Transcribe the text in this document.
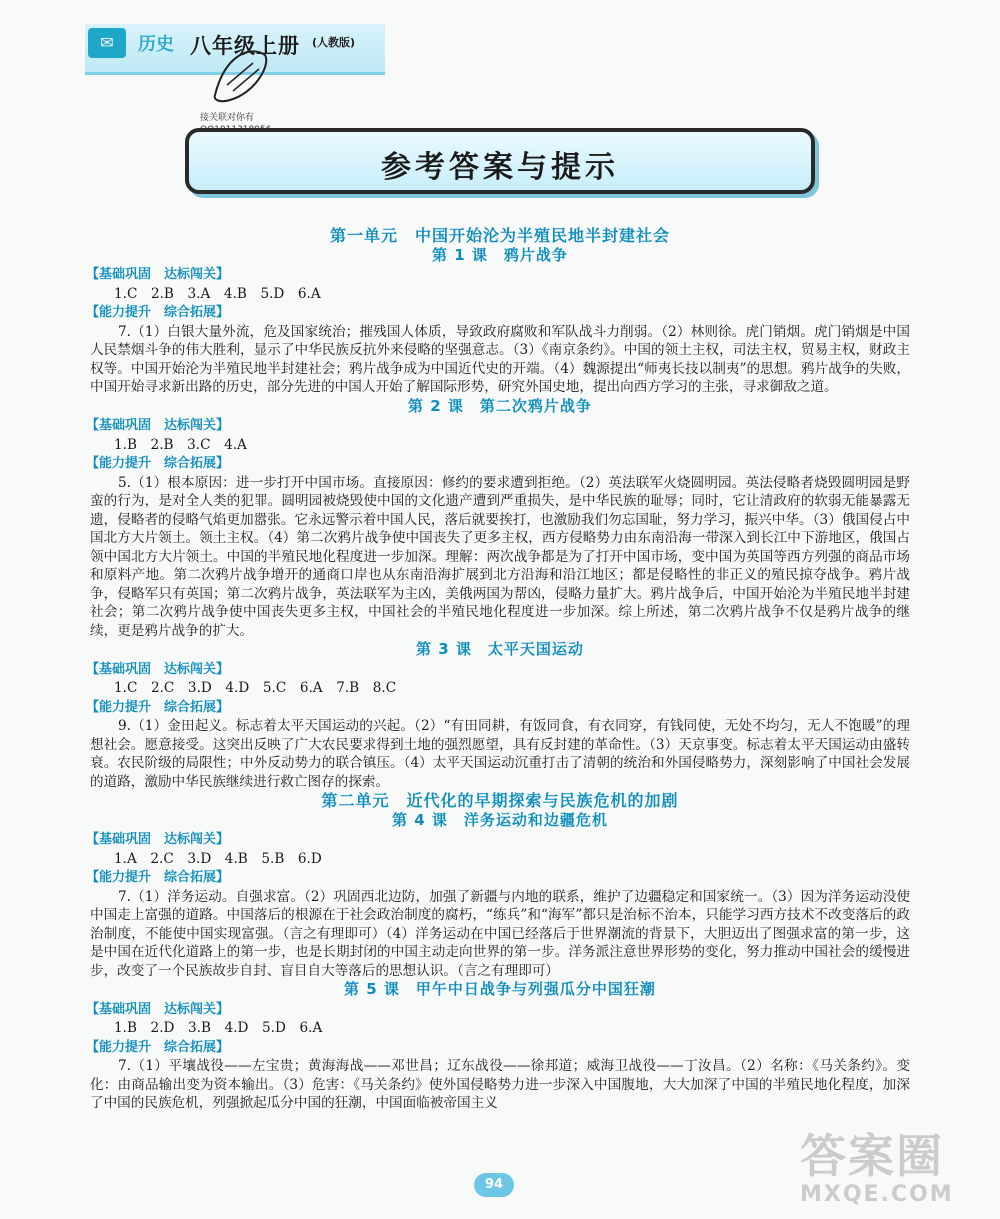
✉	历史 八年级上册 (人教版)
接关联对你有
参考答案与提示
第一单元　中国开始沦为半殖民地半封建社会
第 1 课　鸦片战争
【基础巩固　达标闯关】
1.C　2.B　3.A　4.B　5.D　6.A
【能力提升　综合拓展】

7.（1）白银大量外流，危及国家统治；摧残国人体质，导致政府腐败和军队战斗力削弱。（2）林则徐。虎门销烟。虎门销烟是中国人民禁烟斗争的伟大胜利，显示了中华民族反抗外来侵略的坚强意志。（3）《南京条约》。中国的领土主权，司法主权，贸易主权，财政主权等。中国开始沦为半殖民地半封建社会；鸦片战争成为中国近代史的开端。（4）魏源提出“师夷长技以制夷”的思想。鸦片战争的失败，中国开始寻求新出路的历史，部分先进的中国人开始了解国际形势，研究外国史地，提出向西方学习的主张，寻求御敌之道。

第 2 课　第二次鸦片战争
【基础巩固　达标闯关】
1.B　2.B　3.C　4.A
【能力提升　综合拓展】

5.（1）根本原因：进一步打开中国市场。直接原因：修约的要求遭到拒绝。（2）英法联军火烧圆明园。英法侵略者烧毁圆明园是野蛮的行为，是对全人类的犯罪。圆明园被烧毁使中国的文化遗产遭到严重损失，是中华民族的耻辱；同时，它让清政府的软弱无能暴露无遗，侵略者的侵略气焰更加嚣张。它永远警示着中国人民，落后就要挨打，也激励我们勿忘国耻，努力学习，振兴中华。（3）俄国侵占中国北方大片领土。领土主权。（4）第二次鸦片战争使中国丧失了更多主权，西方侵略势力由东南沿海一带深入到长江中下游地区，俄国占领中国北方大片领土。中国的半殖民地化程度进一步加深。理解：两次战争都是为了打开中国市场，变中国为英国等西方列强的商品市场和原料产地。第二次鸦片战争增开的通商口岸也从东南沿海扩展到北方沿海和沿江地区；都是侵略性的非正义的殖民掠夺战争。鸦片战争，侵略军只有英国；第二次鸦片战争，英法联军为主凶，美俄两国为帮凶，侵略力量扩大。鸦片战争后，中国开始沦为半殖民地半封建社会；第二次鸦片战争使中国丧失更多主权，中国社会的半殖民地化程度进一步加深。综上所述，第二次鸦片战争不仅是鸦片战争的继续，更是鸦片战争的扩大。

第 3 课　太平天国运动
【基础巩固　达标闯关】
1.C　2.C　3.D　4.D　5.C　6.A　7.B　8.C
【能力提升　综合拓展】

9.（1）金田起义。标志着太平天国运动的兴起。（2）“有田同耕，有饭同食，有衣同穿，有钱同使，无处不均匀，无人不饱暖”的理想社会。愿意接受。这突出反映了广大农民要求得到土地的强烈愿望，具有反封建的革命性。（3）天京事变。标志着太平天国运动由盛转衰。农民阶级的局限性；中外反动势力的联合镇压。（4）太平天国运动沉重打击了清朝的统治和外国侵略势力，深刻影响了中国社会发展的道路，激励中华民族继续进行救亡图存的探索。

第二单元　近代化的早期探索与民族危机的加剧
第 4 课　洋务运动和边疆危机
【基础巩固　达标闯关】
1.A　2.C　3.D　4.B　5.B　6.D
【能力提升　综合拓展】

7.（1）洋务运动。自强求富。（2）巩固西北边防，加强了新疆与内地的联系，维护了边疆稳定和国家统一。（3）因为洋务运动没使中国走上富强的道路。中国落后的根源在于社会政治制度的腐朽，“练兵”和“海军”都只是治标不治本，只能学习西方技术不改变落后的政治制度，不能使中国实现富强。（言之有理即可）（4）洋务运动在中国已经落后于世界潮流的背景下，大胆迈出了图强求富的第一步，这是中国在近代化道路上的第一步，也是长期封闭的中国主动走向世界的第一步。洋务派注意世界形势的变化，努力推动中国社会的缓慢进步，改变了一个民族故步自封、盲目自大等落后的思想认识。（言之有理即可）

第 5 课　甲午中日战争与列强瓜分中国狂潮
【基础巩固　达标闯关】
1.B　2.D　3.B　4.D　5.D　6.A
【能力提升　综合拓展】

7.（1）平壤战役——左宝贵；黄海海战——邓世昌；辽东战役——徐邦道；威海卫战役——丁汝昌。（2）名称：《马关条约》。变化：由商品输出变为资本输出。（3）危害：《马关条约》使外国侵略势力进一步深入中国腹地，大大加深了中国的半殖民地化程度，加深了中国的民族危机，列强掀起瓜分中国的狂潮，中国面临被帝国主义

94
答案圈
MXQE.COM
